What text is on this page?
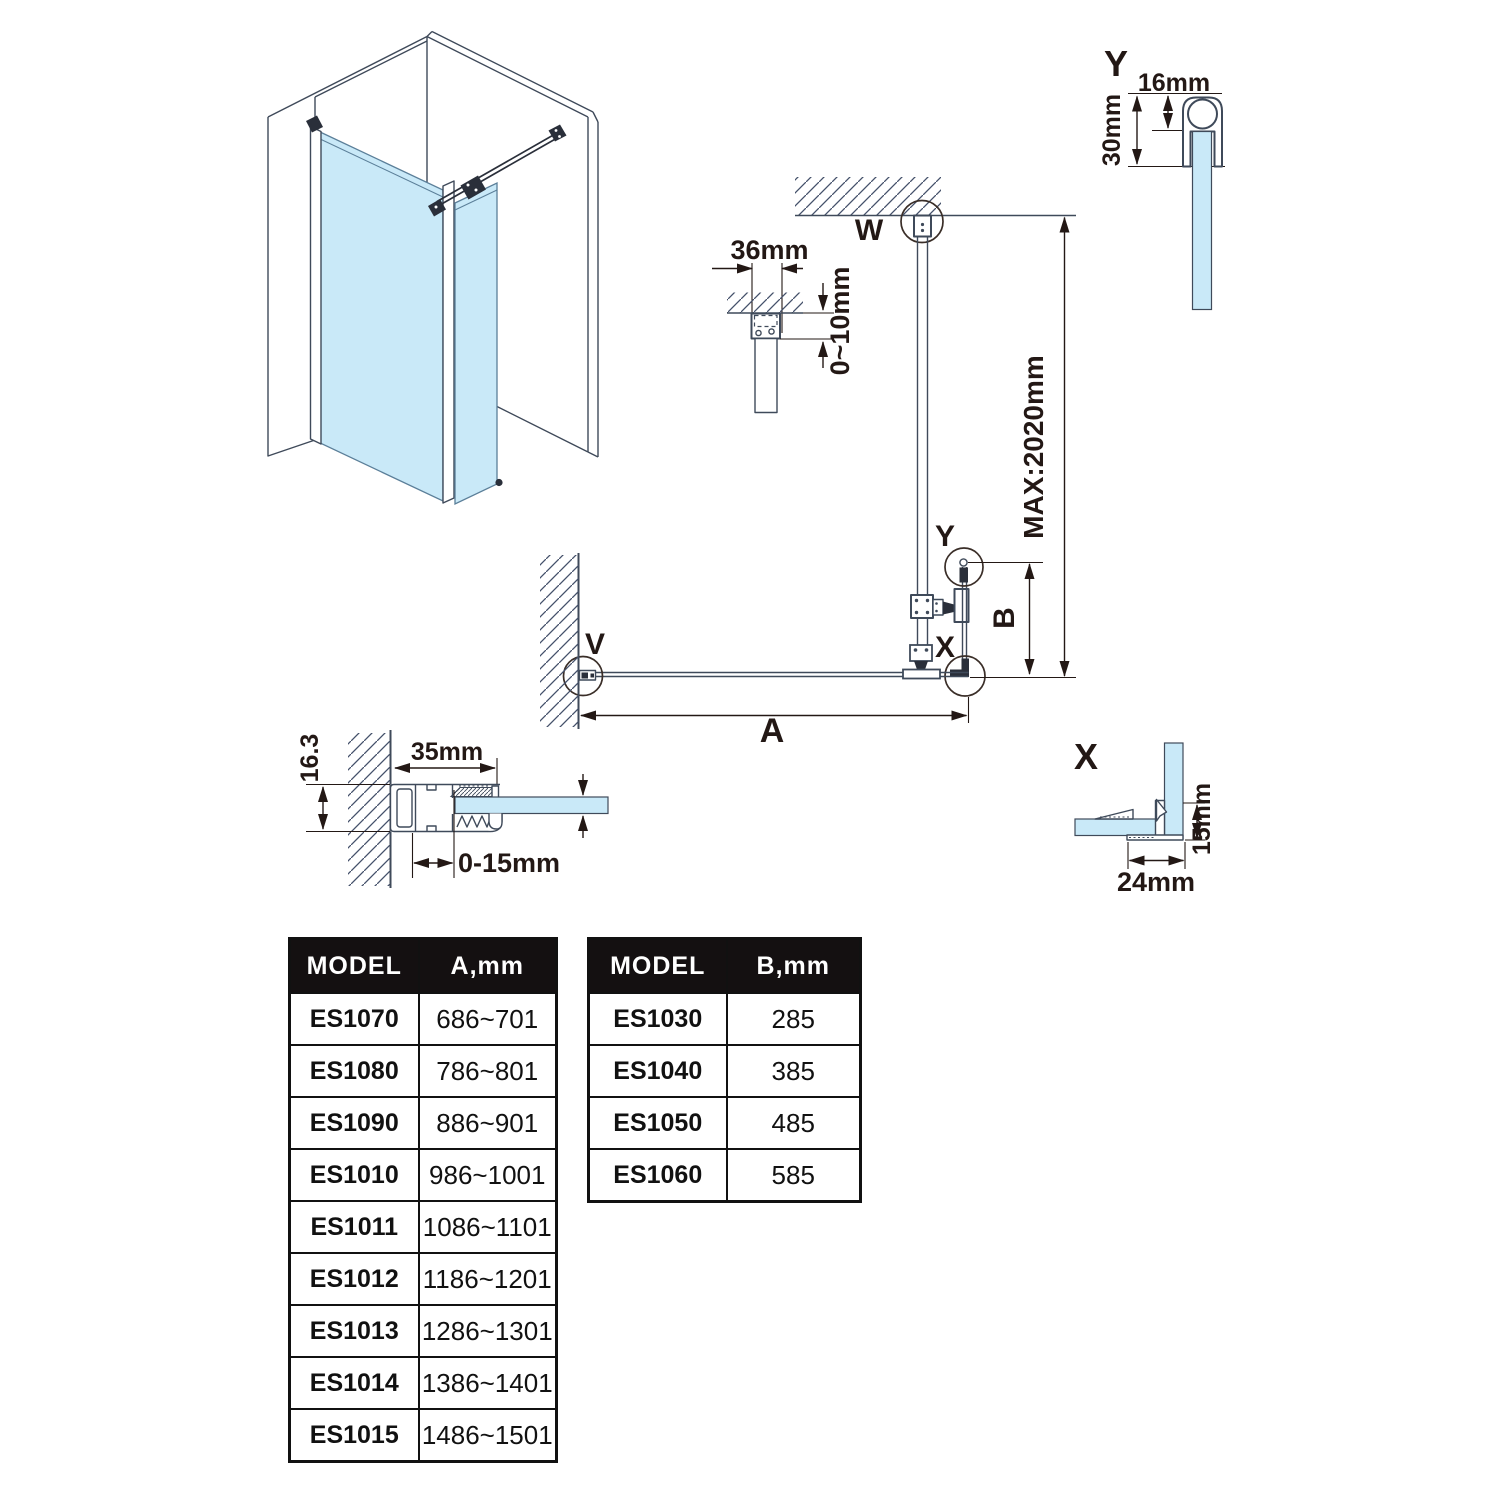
W
Y
X
V
A
B
MAX:2020mm
36mm
0~10mm
Y 16mm
30mm
X
15mm
24mm
16.3	35mm
0-15mm
MODEL	A,mm
ES1070	686~701
ES1080	786~801
ES1090	886~901
ES1010	986~1001
ES1011	1086~1101
ES1012	1186~1201
ES1013	1286~1301
ES1014	1386~1401
ES1015	1486~1501
MODEL	B,mm
ES1030	285
ES1040	385
ES1050	485
ES1060	585
